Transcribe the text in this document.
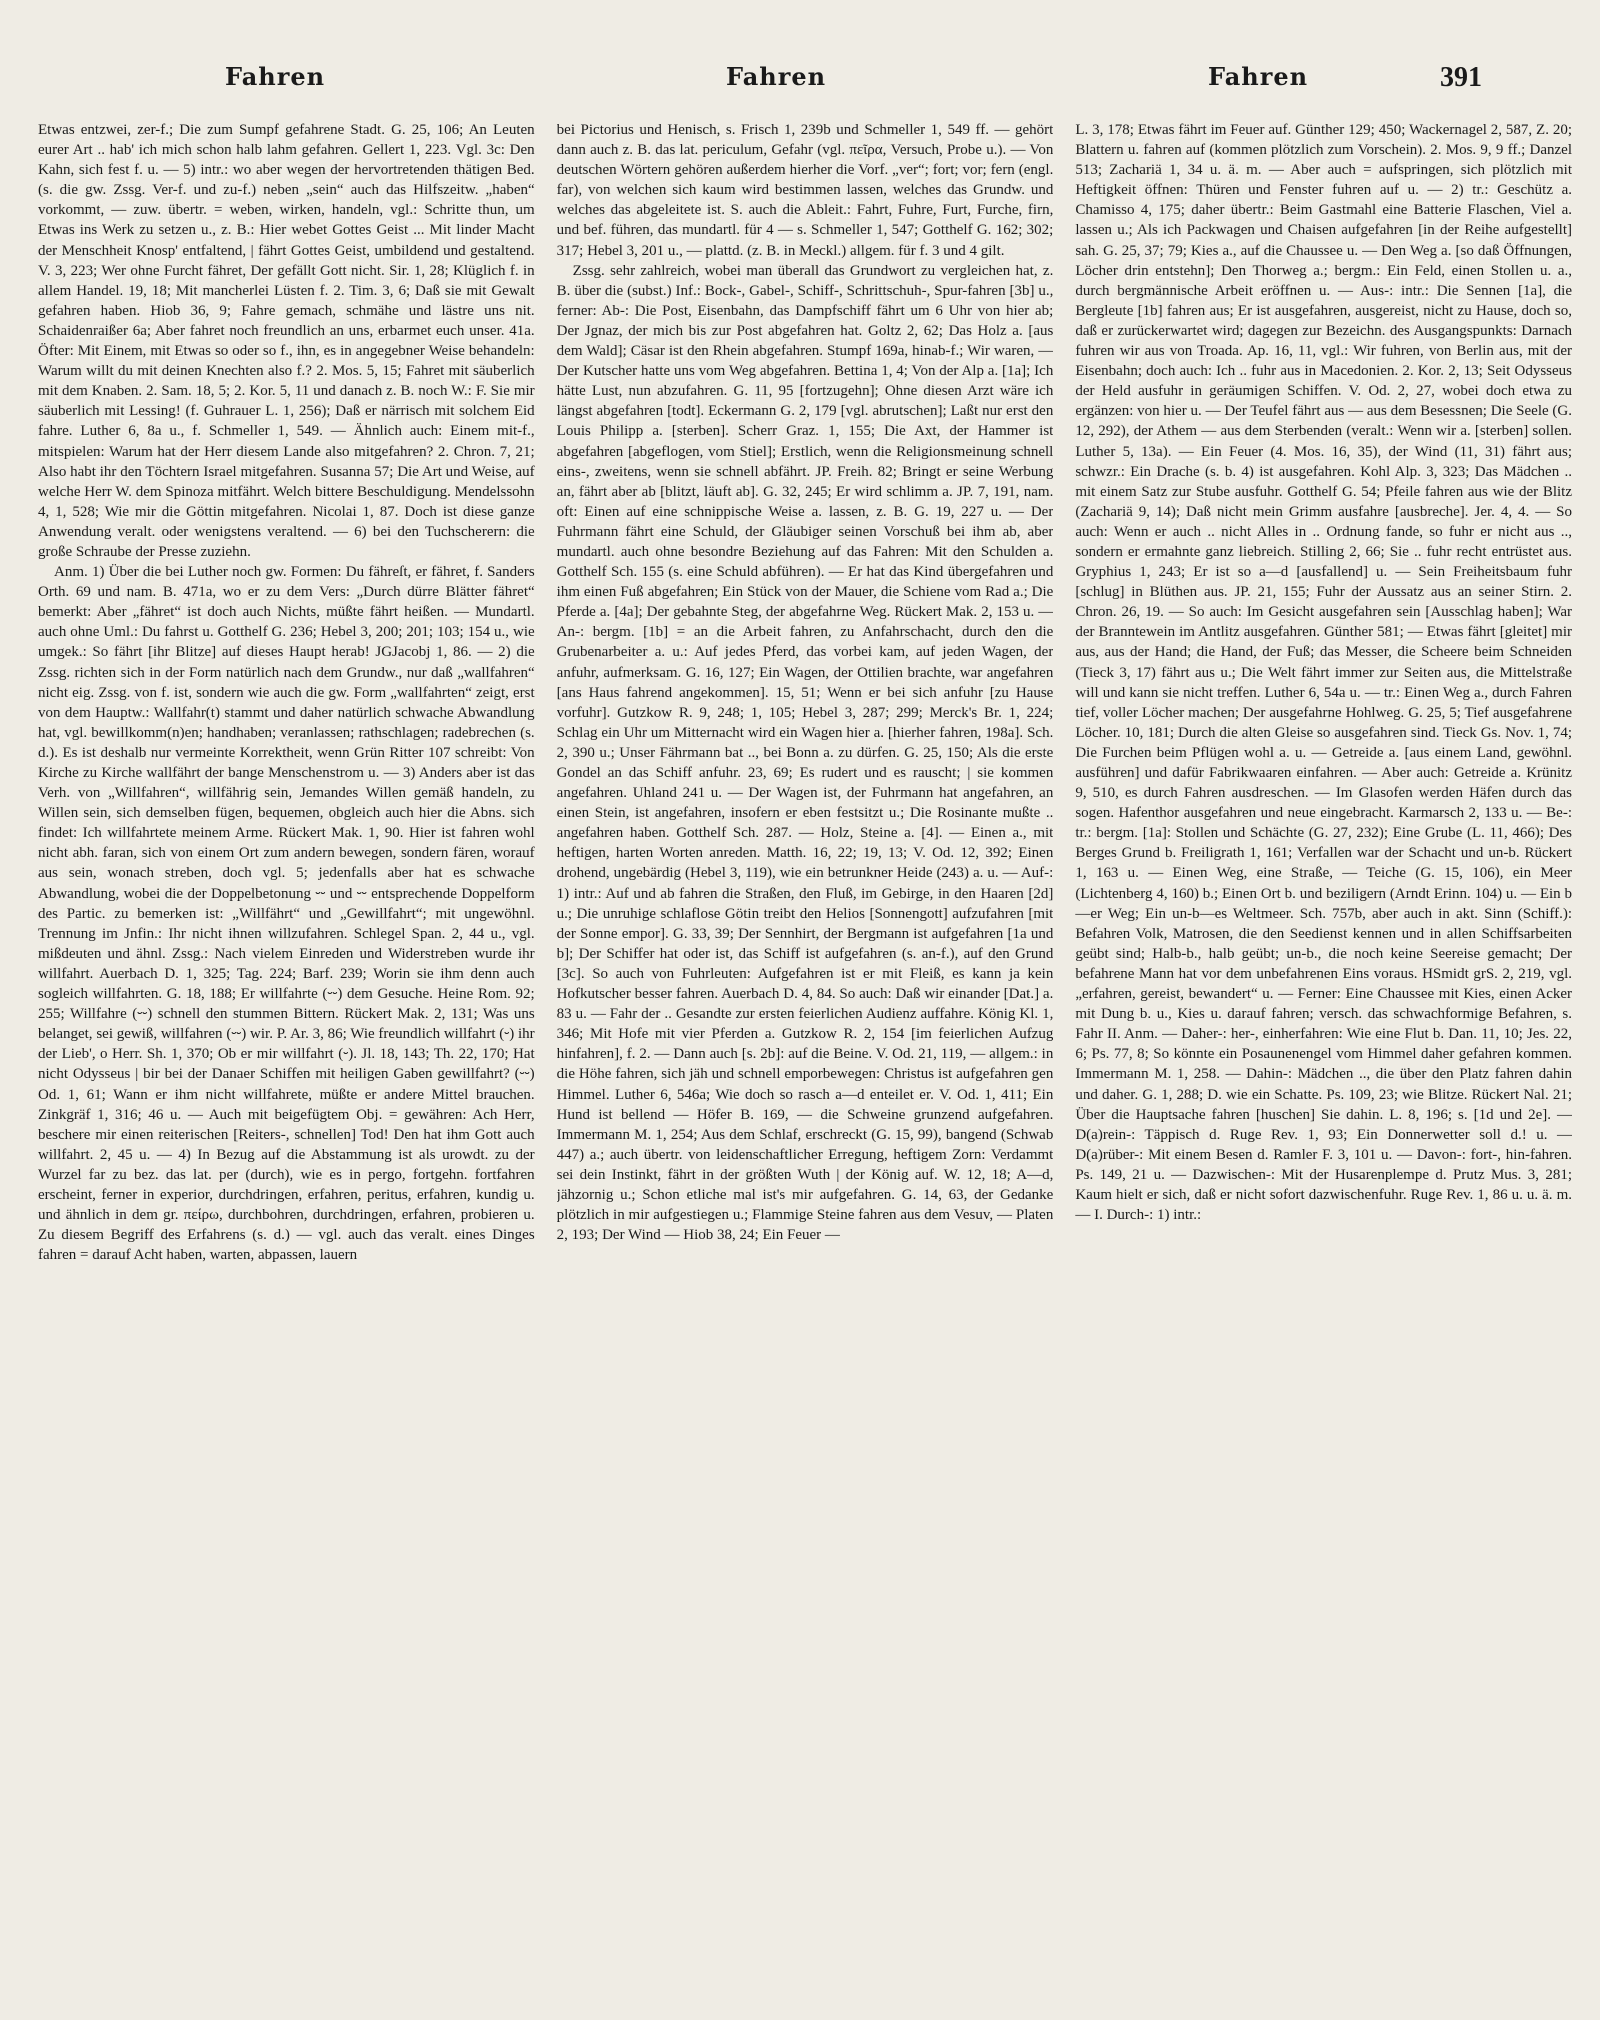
Fahren	Fahren	Fahren	391

Etwas entzwei, zer-f.; Die zum Sumpf gefahrene Stadt. G. 25, 106; An Leuten eurer Art .. hab' ich mich schon halb lahm gefahren. Gellert 1, 223. Vgl. 3c: Den Kahn, sich fest f. u. — 5) intr.: wo aber wegen der hervortretenden thätigen Bed. (s. die gw. Zssg. Ver-f. und zu-f.) neben „sein“ auch das Hilfszeitw. „haben“ vorkommt, — zuw. übertr. = weben, wirken, handeln, vgl.: Schritte thun, um Etwas ins Werk zu setzen u., z. B.: Hier webet Gottes Geist ... Mit linder Macht der Menschheit Knosp' entfaltend, | fährt Gottes Geist, umbildend und gestaltend. V. 3, 223; Wer ohne Furcht fähret, Der gefällt Gott nicht. Sir. 1, 28; Klüglich f. in allem Handel. 19, 18; Mit mancherlei Lüsten f. 2. Tim. 3, 6; Daß sie mit Gewalt gefahren haben. Hiob 36, 9; Fahre gemach, schmähe und lästre uns nit. Schaidenraißer 6a; Aber fahret noch freundlich an uns, erbarmet euch unser. 41a. Öfter: Mit Einem, mit Etwas so oder so f., ihn, es in angegebner Weise behandeln: Warum willt du mit deinen Knechten also f.? 2. Mos. 5, 15; Fahret mit säuberlich mit dem Knaben. 2. Sam. 18, 5; 2. Kor. 5, 11 und danach z. B. noch W.: F. Sie mir säuberlich mit Lessing! (f. Guhrauer L. 1, 256); Daß er närrisch mit solchem Eid fahre. Luther 6, 8a u., f. Schmeller 1, 549. — Ähnlich auch: Einem mit-f., mitspielen: Warum hat der Herr diesem Lande also mitgefahren? 2. Chron. 7, 21; Also habt ihr den Töchtern Israel mitgefahren. Susanna 57; Die Art und Weise, auf welche Herr W. dem Spinoza mitfährt. Welch bittere Beschuldigung. Mendelssohn 4, 1, 528; Wie mir die Göttin mitgefahren. Nicolai 1, 87. Doch ist diese ganze Anwendung veralt. oder wenigstens veraltend. — 6) bei den Tuchscherern: die große Schraube der Presse zuziehn.

Anm. 1) Über die bei Luther noch gw. Formen: Du fähreſt, er fähret, f. Sanders Orth. 69 und nam. B. 471a, wo er zu dem Vers: „Durch dürre Blätter fähret“ bemerkt: Aber „fähret“ ist doch auch Nichts, müßte fährt heißen. — Mundartl. auch ohne Uml.: Du fahrst u. Gotthelf G. 236; Hebel 3, 200; 201; 103; 154 u., wie umgek.: So fährt [ihr Blitze] auf dieses Haupt herab! JGJacobj 1, 86. — 2) die Zssg. richten sich in der Form natürlich nach dem Grundw., nur daß „wallfahren“ nicht eig. Zssg. von f. ist, sondern wie auch die gw. Form „wallfahrten“ zeigt, erst von dem Hauptw.: Wallfahr(t) stammt und daher natürlich schwache Abwandlung hat, vgl. bewillkomm(n)en; handhaben; veranlassen; rathschlagen; radebrechen (s. d.). Es ist deshalb nur vermeinte Korrektheit, wenn Grün Ritter 107 schreibt: Von Kirche zu Kirche wallfährt der bange Menschenstrom u. — 3) Anders aber ist das Verh. von „Willfahren“, willfährig sein, Jemandes Willen gemäß handeln, zu Willen sein, sich demselben fügen, bequemen, obgleich auch hier die Abns. sich findet: Ich willfahrtete meinem Arme. Rückert Mak. 1, 90. Hier ist fahren wohl nicht abh. faran, sich von einem Ort zum andern bewegen, sondern fären, worauf aus sein, wonach streben, doch vgl. 5; jedenfalls aber hat es schwache Abwandlung, wobei die der Doppelbetonung ⏑⏑ und ⏑⏑ entsprechende Doppelform des Partic. zu bemerken ist: „Willfährt“ und „Gewillfahrt“; mit ungewöhnl. Trennung im Jnfin.: Ihr nicht ihnen willzufahren. Schlegel Span. 2, 44 u., vgl. mißdeuten und ähnl. Zssg.: Nach vielem Einreden und Widerstreben wurde ihr willfahrt. Auerbach D. 1, 325; Tag. 224; Barf. 239; Worin sie ihm denn auch sogleich willfahrten. G. 18, 188; Er willfahrte (⏑⏑) dem Gesuche. Heine Rom. 92; 255; Willfahre (⏑⏑) schnell den stummen Bittern. Rückert Mak. 2, 131; Was uns belanget, sei gewiß, willfahren (⏑⏑) wir. P. Ar. 3, 86; Wie freundlich willfahrt (⏑) ihr der Lieb', o Herr. Sh. 1, 370; Ob er mir willfahrt (⏑). Jl. 18, 143; Th. 22, 170; Hat nicht Odysseus | bir bei der Danaer Schiffen mit heiligen Gaben gewillfahrt? (⏑⏑) Od. 1, 61; Wann er ihm nicht willfahrete, müßte er andere Mittel brauchen. Zinkgräf 1, 316; 46 u. — Auch mit beigefügtem Obj. = gewähren: Ach Herr, beschere mir einen reiterischen [Reiters-, schnellen] Tod! Den hat ihm Gott auch willfahrt. 2, 45 u. — 4) In Bezug auf die Abstammung ist als urowdt. zu der Wurzel far zu bez. das lat. per (durch), wie es in pergo, fortgehn. fortfahren erscheint, ferner in experior, durchdringen, erfahren, peritus, erfahren, kundig u. und ähnlich in dem gr. πείρω, durchbohren, durchdringen, erfahren, probieren u. Zu diesem Begriff des Erfahrens (s. d.) — vgl. auch das veralt. eines Dinges fahren = darauf Acht haben, warten, abpassen, lauern

bei Pictorius und Henisch, s. Frisch 1, 239b und Schmeller 1, 549 ff. — gehört dann auch z. B. das lat. periculum, Gefahr (vgl. πεῖρα, Versuch, Probe u.). — Von deutschen Wörtern gehören außerdem hierher die Vorf. „ver“; fort; vor; fern (engl. far), von welchen sich kaum wird bestimmen lassen, welches das Grundw. und welches das abgeleitete ist. S. auch die Ableit.: Fahrt, Fuhre, Furt, Furche, firn, und bef. führen, das mundartl. für 4 — s. Schmeller 1, 547; Gotthelf G. 162; 302; 317; Hebel 3, 201 u., — plattd. (z. B. in Meckl.) allgem. für f. 3 und 4 gilt.

Zssg. sehr zahlreich, wobei man überall das Grundwort zu vergleichen hat, z. B. über die (subst.) Inf.: Bock-, Gabel-, Schiff-, Schrittschuh-, Spur-fahren [3b] u., ferner: Ab-: Die Post, Eisenbahn, das Dampfschiff fährt um 6 Uhr von hier ab; Der Jgnaz, der mich bis zur Post abgefahren hat. Goltz 2, 62; Das Holz a. [aus dem Wald]; Cäsar ist den Rhein abgefahren. Stumpf 169a, hinab-f.; Wir waren, — Der Kutscher hatte uns vom Weg abgefahren. Bettina 1, 4; Von der Alp a. [1a]; Ich hätte Lust, nun abzufahren. G. 11, 95 [fortzugehn]; Ohne diesen Arzt wäre ich längst abgefahren [todt]. Eckermann G. 2, 179 [vgl. abrutschen]; Laßt nur erst den Louis Philipp a. [sterben]. Scherr Graz. 1, 155; Die Axt, der Hammer ist abgefahren [abgeflogen, vom Stiel]; Erstlich, wenn die Religionsmeinung schnell eins-, zweitens, wenn sie schnell abfährt. JP. Freih. 82; Bringt er seine Werbung an, fährt aber ab [blitzt, läuft ab]. G. 32, 245; Er wird schlimm a. JP. 7, 191, nam. oft: Einen auf eine schnippische Weise a. lassen, z. B. G. 19, 227 u. — Der Fuhrmann fährt eine Schuld, der Gläubiger seinen Vorschuß bei ihm ab, aber mundartl. auch ohne besondre Beziehung auf das Fahren: Mit den Schulden a. Gotthelf Sch. 155 (s. eine Schuld abführen). — Er hat das Kind übergefahren und ihm einen Fuß abgefahren; Ein Stück von der Mauer, die Schiene vom Rad a.; Die Pferde a. [4a]; Der gebahnte Steg, der abgefahrne Weg. Rückert Mak. 2, 153 u. — An-: bergm. [1b] = an die Arbeit fahren, zu Anfahrschacht, durch den die Grubenarbeiter a. u.: Auf jedes Pferd, das vorbei kam, auf jeden Wagen, der anfuhr, aufmerksam. G. 16, 127; Ein Wagen, der Ottilien brachte, war angefahren [ans Haus fahrend angekommen]. 15, 51; Wenn er bei sich anfuhr [zu Hause vorfuhr]. Gutzkow R. 9, 248; 1, 105; Hebel 3, 287; 299; Merck's Br. 1, 224; Schlag ein Uhr um Mitternacht wird ein Wagen hier a. [hierher fahren, 198a]. Sch. 2, 390 u.; Unser Fährmann bat .., bei Bonn a. zu dürfen. G. 25, 150; Als die erste Gondel an das Schiff anfuhr. 23, 69; Es rudert und es rauscht; | sie kommen angefahren. Uhland 241 u. — Der Wagen ist, der Fuhrmann hat angefahren, an einen Stein, ist angefahren, insofern er eben festsitzt u.; Die Rosinante mußte .. angefahren haben. Gotthelf Sch. 287. — Holz, Steine a. [4]. — Einen a., mit heftigen, harten Worten anreden. Matth. 16, 22; 19, 13; V. Od. 12, 392; Einen drohend, ungebärdig (Hebel 3, 119), wie ein betrunkner Heide (243) a. u. — Auf-: 1) intr.: Auf und ab fahren die Straßen, den Fluß, im Gebirge, in den Haaren [2d] u.; Die unruhige schlaflose Götin treibt den Helios [Sonnengott] aufzufahren [mit der Sonne empor]. G. 33, 39; Der Sennhirt, der Bergmann ist aufgefahren [1a und b]; Der Schiffer hat oder ist, das Schiff ist aufgefahren (s. an-f.), auf den Grund [3c]. So auch von Fuhrleuten: Aufgefahren ist er mit Fleiß, es kann ja kein Hofkutscher besser fahren. Auerbach D. 4, 84. So auch: Daß wir einander [Dat.] a. 83 u. — Fahr der .. Gesandte zur ersten feierlichen Audienz auffahre. König Kl. 1, 346; Mit Hofe mit vier Pferden a. Gutzkow R. 2, 154 [im feierlichen Aufzug hinfahren], f. 2. — Dann auch [s. 2b]: auf die Beine. V. Od. 21, 119, — allgem.: in die Höhe fahren, sich jäh und schnell emporbewegen: Christus ist aufgefahren gen Himmel. Luther 6, 546a; Wie doch so rasch a—d enteilet er. V. Od. 1, 411; Ein Hund ist bellend — Höfer B. 169, — die Schweine grunzend aufgefahren. Immermann M. 1, 254; Aus dem Schlaf, erschreckt (G. 15, 99), bangend (Schwab 447) a.; auch übertr. von leidenschaftlicher Erregung, heftigem Zorn: Verdammt sei dein Instinkt, fährt in der größten Wuth | der König auf. W. 12, 18; A—d, jähzornig u.; Schon etliche mal ist's mir aufgefahren. G. 14, 63, der Gedanke plötzlich in mir aufgestiegen u.; Flammige Steine fahren aus dem Vesuv, — Platen 2, 193; Der Wind — Hiob 38, 24; Ein Feuer —

L. 3, 178; Etwas fährt im Feuer auf. Günther 129; 450; Wackernagel 2, 587, Z. 20; Blattern u. fahren auf (kommen plötzlich zum Vorschein). 2. Mos. 9, 9 ff.; Danzel 513; Zachariä 1, 34 u. ä. m. — Aber auch = aufspringen, sich plötzlich mit Heftigkeit öffnen: Thüren und Fenster fuhren auf u. — 2) tr.: Geschütz a. Chamisso 4, 175; daher übertr.: Beim Gastmahl eine Batterie Flaschen, Viel a. lassen u.; Als ich Packwagen und Chaisen aufgefahren [in der Reihe aufgestellt] sah. G. 25, 37; 79; Kies a., auf die Chaussee u. — Den Weg a. [so daß Öffnungen, Löcher drin entstehn]; Den Thorweg a.; bergm.: Ein Feld, einen Stollen u. a., durch bergmännische Arbeit eröffnen u. — Aus-: intr.: Die Sennen [1a], die Bergleute [1b] fahren aus; Er ist ausgefahren, ausgereist, nicht zu Hause, doch so, daß er zurückerwartet wird; dagegen zur Bezeichn. des Ausgangspunkts: Darnach fuhren wir aus von Troada. Ap. 16, 11, vgl.: Wir fuhren, von Berlin aus, mit der Eisenbahn; doch auch: Ich .. fuhr aus in Macedonien. 2. Kor. 2, 13; Seit Odysseus der Held ausfuhr in geräumigen Schiffen. V. Od. 2, 27, wobei doch etwa zu ergänzen: von hier u. — Der Teufel fährt aus — aus dem Besessnen; Die Seele (G. 12, 292), der Athem — aus dem Sterbenden (veralt.: Wenn wir a. [sterben] sollen. Luther 5, 13a). — Ein Feuer (4. Mos. 16, 35), der Wind (11, 31) fährt aus; schwzr.: Ein Drache (s. b. 4) ist ausgefahren. Kohl Alp. 3, 323; Das Mädchen .. mit einem Satz zur Stube ausfuhr. Gotthelf G. 54; Pfeile fahren aus wie der Blitz (Zachariä 9, 14); Daß nicht mein Grimm ausfahre [ausbreche]. Jer. 4, 4. — So auch: Wenn er auch .. nicht Alles in .. Ordnung fande, so fuhr er nicht aus .., sondern er ermahnte ganz liebreich. Stilling 2, 66; Sie .. fuhr recht entrüstet aus. Gryphius 1, 243; Er ist so a—d [ausfallend] u. — Sein Freiheitsbaum fuhr [schlug] in Blüthen aus. JP. 21, 155; Fuhr der Aussatz aus an seiner Stirn. 2. Chron. 26, 19. — So auch: Im Gesicht ausgefahren sein [Ausschlag haben]; War der Branntewein im Antlitz ausgefahren. Günther 581; — Etwas fährt [gleitet] mir aus, aus der Hand; die Hand, der Fuß; das Messer, die Scheere beim Schneiden (Tieck 3, 17) fährt aus u.; Die Welt fährt immer zur Seiten aus, die Mittelstraße will und kann sie nicht treffen. Luther 6, 54a u. — tr.: Einen Weg a., durch Fahren tief, voller Löcher machen; Der ausgefahrne Hohlweg. G. 25, 5; Tief ausgefahrene Löcher. 10, 181; Durch die alten Gleise so ausgefahren sind. Tieck Gs. Nov. 1, 74; Die Furchen beim Pflügen wohl a. u. — Getreide a. [aus einem Land, gewöhnl. ausführen] und dafür Fabrikwaaren einfahren. — Aber auch: Getreide a. Krünitz 9, 510, es durch Fahren ausdreschen. — Im Glasofen werden Häfen durch das sogen. Hafenthor ausgefahren und neue eingebracht. Karmarsch 2, 133 u. — Be-: tr.: bergm. [1a]: Stollen und Schächte (G. 27, 232); Eine Grube (L. 11, 466); Des Berges Grund b. Freiligrath 1, 161; Verfallen war der Schacht und un-b. Rückert 1, 163 u. — Einen Weg, eine Straße, — Teiche (G. 15, 106), ein Meer (Lichtenberg 4, 160) b.; Einen Ort b. und beziligern (Arndt Erinn. 104) u. — Ein b—er Weg; Ein un-b—es Weltmeer. Sch. 757b, aber auch in akt. Sinn (Schiff.): Befahren Volk, Matrosen, die den Seedienst kennen und in allen Schiffsarbeiten geübt sind; Halb-b., halb geübt; un-b., die noch keine Seereise gemacht; Der befahrene Mann hat vor dem unbefahrenen Eins voraus. HSmidt grS. 2, 219, vgl. „erfahren, gereist, bewandert“ u. — Ferner: Eine Chaussee mit Kies, einen Acker mit Dung b. u., Kies u. darauf fahren; versch. das schwachformige Befahren, s. Fahr II. Anm. — Daher-: her-, einherfahren: Wie eine Flut b. Dan. 11, 10; Jes. 22, 6; Ps. 77, 8; So könnte ein Posaunenengel vom Himmel daher gefahren kommen. Immermann M. 1, 258. — Dahin-: Mädchen .., die über den Platz fahren dahin und daher. G. 1, 288; D. wie ein Schatte. Ps. 109, 23; wie Blitze. Rückert Nal. 21; Über die Hauptsache fahren [huschen] Sie dahin. L. 8, 196; s. [1d und 2e]. — D(a)rein-: Täppisch d. Ruge Rev. 1, 93; Ein Donnerwetter soll d.! u. — D(a)rüber-: Mit einem Besen d. Ramler F. 3, 101 u. — Davon-: fort-, hin-fahren. Ps. 149, 21 u. — Dazwischen-: Mit der Husarenplempe d. Prutz Mus. 3, 281; Kaum hielt er sich, daß er nicht sofort dazwischenfuhr. Ruge Rev. 1, 86 u. u. ä. m. — I. Durch-: 1) intr.:
